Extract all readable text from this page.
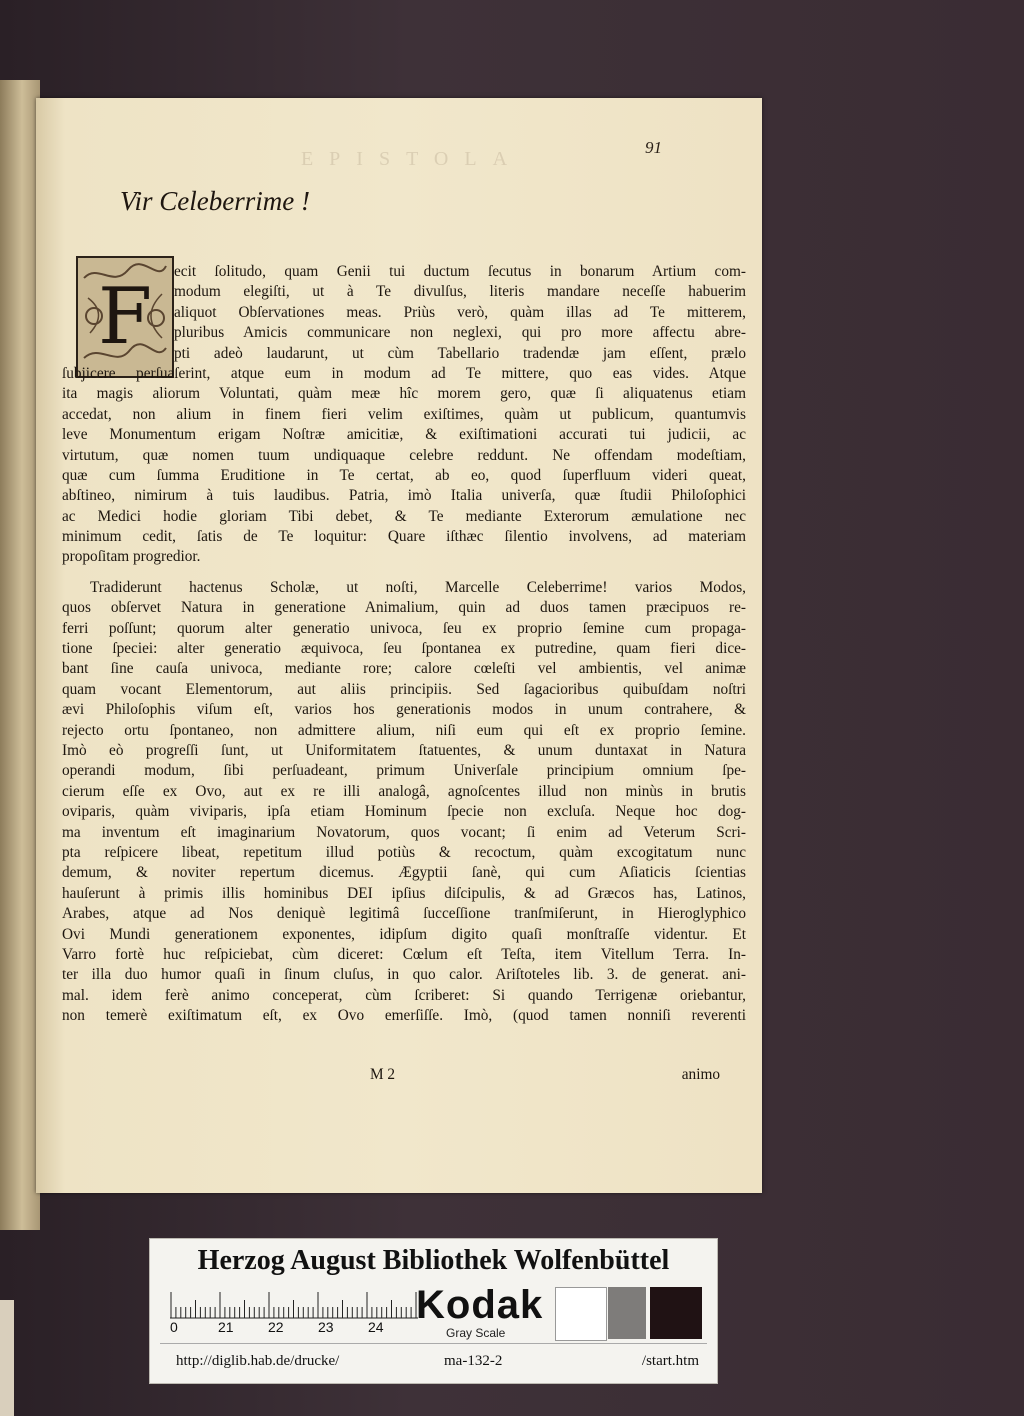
EPISTOLA
91
Vir Celeberrime !
F
ecit ſolitudo, quam Genii tui ductum ſecutus in bonarum Artium com-
modum elegiſti, ut à Te divulſus, literis mandare neceſſe habuerim
aliquot Obſervationes meas. Priùs verò, quàm illas ad Te mitterem,
pluribus Amicis communicare non neglexi, qui pro more affectu abre-
pti adeò laudarunt, ut cùm Tabellario tradendæ jam eſſent, prælo
ſubjicere perſuaſerint, atque eum in modum ad Te mittere, quo eas vides. Atque
ita magis aliorum Voluntati, quàm meæ hîc morem gero, quæ ſi aliquatenus etiam
accedat, non alium in finem fieri velim exiſtimes, quàm ut publicum, quantumvis
leve Monumentum erigam Noſtræ amicitiæ, & exiſtimationi accurati tui judicii, ac
virtutum, quæ nomen tuum undiquaque celebre reddunt. Ne offendam modeſtiam,
quæ cum ſumma Eruditione in Te certat, ab eo, quod ſuperfluum videri queat,
abſtineo, nimirum à tuis laudibus. Patria, imò Italia univerſa, quæ ſtudii Philoſophici
ac Medici hodie gloriam Tibi debet, & Te mediante Exterorum æmulatione nec
minimum cedit, ſatis de Te loquitur: Quare iſthæc ſilentio involvens, ad materiam
propoſitam progredior.
Tradiderunt hactenus Scholæ, ut noſti, Marcelle Celeberrime! varios Modos,
quos obſervet Natura in generatione Animalium, quin ad duos tamen præcipuos re-
ferri poſſunt; quorum alter generatio univoca, ſeu ex proprio ſemine cum propaga-
tione ſpeciei: alter generatio æquivoca, ſeu ſpontanea ex putredine, quam fieri dice-
bant ſine cauſa univoca, mediante rore; calore cœleſti vel ambientis, vel animæ
quam vocant Elementorum, aut aliis principiis. Sed ſagacioribus quibuſdam noſtri
ævi Philoſophis viſum eſt, varios hos generationis modos in unum contrahere, &
rejecto ortu ſpontaneo, non admittere alium, niſi eum qui eſt ex proprio ſemine.
Imò eò progreſſi ſunt, ut Uniformitatem ſtatuentes, & unum duntaxat in Natura
operandi modum, ſibi perſuadeant, primum Univerſale principium omnium ſpe-
cierum eſſe ex Ovo, aut ex re illi analogâ, agnoſcentes illud non minùs in brutis
oviparis, quàm viviparis, ipſa etiam Hominum ſpecie non excluſa. Neque hoc dog-
ma inventum eſt imaginarium Novatorum, quos vocant; ſi enim ad Veterum Scri-
pta reſpicere libeat, repetitum illud potiùs & recoctum, quàm excogitatum nunc
demum, & noviter repertum dicemus. Ægyptii ſanè, qui cum Aſiaticis ſcientias
hauſerunt à primis illis hominibus DEI ipſius diſcipulis, & ad Græcos has, Latinos,
Arabes, atque ad Nos deniquè legitimâ ſucceſſione tranſmiſerunt, in Hieroglyphico
Ovi Mundi generationem exponentes, idipſum digito quaſi monſtraſſe videntur. Et
Varro fortè huc reſpiciebat, cùm diceret: Cœlum eſt Teſta, item Vitellum Terra. In-
ter illa duo humor quaſi in ſinum cluſus, in quo calor. Ariſtoteles lib. 3. de generat. ani-
mal. idem ferè animo conceperat, cùm ſcriberet: Si quando Terrigenæ oriebantur,
non temerè exiſtimatum eſt, ex Ovo emerſiſſe. Imò, (quod tamen nonniſi reverenti
M 2	animo
Herzog August Bibliothek Wolfenbüttel
0	21 22 23 24 Kodak
Gray Scale
http://diglib.hab.de/drucke/	ma-132-2	/start.htm
